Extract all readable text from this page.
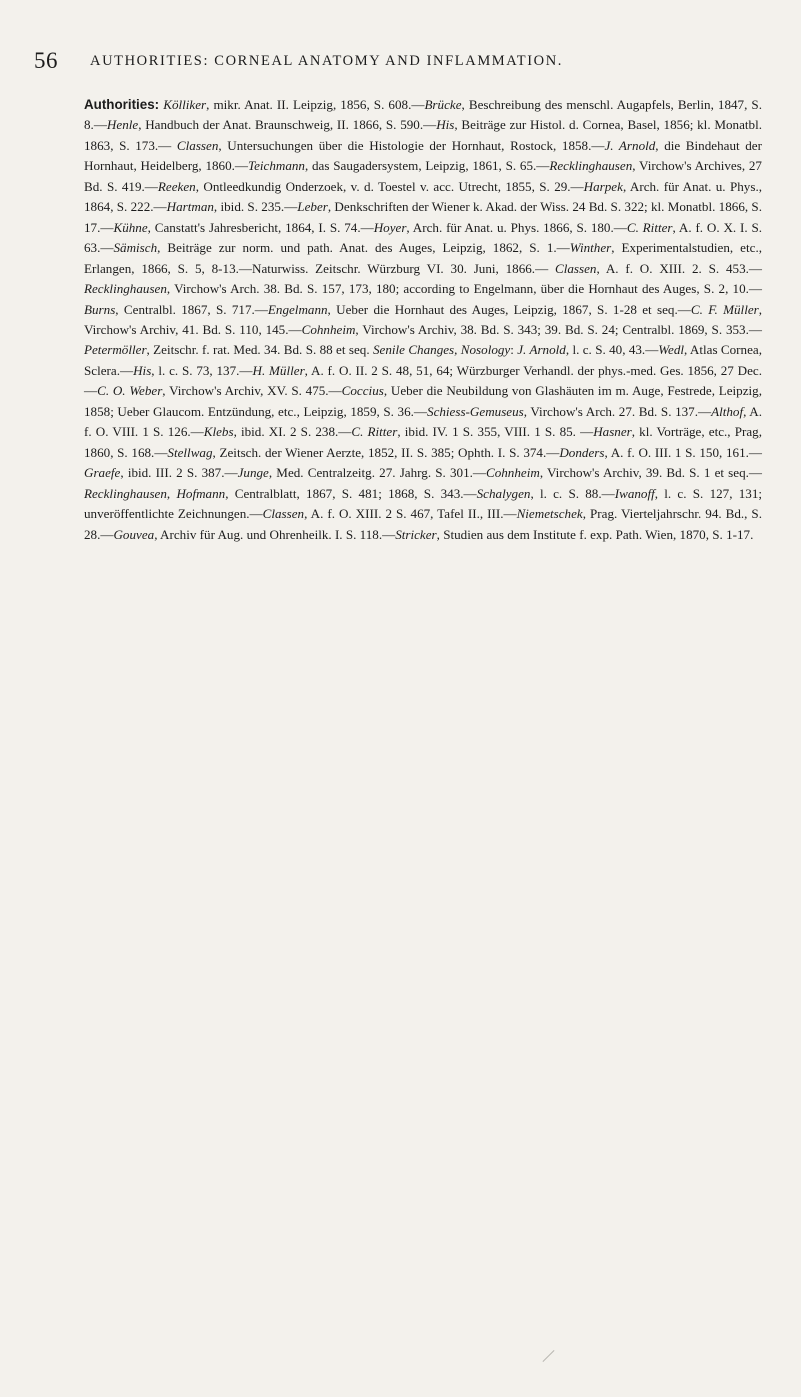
56 AUTHORITIES: CORNEAL ANATOMY AND INFLAMMATION.
Authorities: Kölliker, mikr. Anat. II. Leipzig, 1856, S. 608.—Brücke, Beschreibung des menschl. Augapfels, Berlin, 1847, S. 8.—Henle, Handbuch der Anat. Braunschweig, II. 1866, S. 590.—His, Beiträge zur Histol. d. Cornea, Basel, 1856; kl. Monatbl. 1863, S. 173.— Classen, Untersuchungen über die Histologie der Hornhaut, Rostock, 1858.—J. Arnold, die Bindehaut der Hornhaut, Heidelberg, 1860.—Teichmann, das Saugadersystem, Leipzig, 1861, S. 65.—Recklinghausen, Virchow's Archives, 27 Bd. S. 419.—Reeken, Ontleedkundig Onderzoek, v. d. Toestel v. acc. Utrecht, 1855, S. 29.—Harpek, Arch. für Anat. u. Phys., 1864, S. 222.—Hartman, ibid. S. 235.—Leber, Denkschriften der Wiener k. Akad. der Wiss. 24 Bd. S. 322; kl. Monatbl. 1866, S. 17.—Kühne, Canstatt's Jahresbericht, 1864, I. S. 74.—Hoyer, Arch. für Anat. u. Phys. 1866, S. 180.—C. Ritter, A. f. O. X. I. S. 63.—Sämisch, Beiträge zur norm. und path. Anat. des Auges, Leipzig, 1862, S. 1.—Winther, Experimentalstudien, etc., Erlangen, 1866, S. 5, 8-13.—Naturwiss. Zeitschr. Würzburg VI. 30. Juni, 1866.— Classen, A. f. O. XIII. 2. S. 453.—Recklinghausen, Virchow's Arch. 38. Bd. S. 157, 173, 180; according to Engelmann, über die Hornhaut des Auges, S. 2, 10.—Burns, Centralbl. 1867, S. 717.—Engelmann, Ueber die Hornhaut des Auges, Leipzig, 1867, S. 1-28 et seq.—C. F. Müller, Virchow's Archiv, 41. Bd. S. 110, 145.—Cohnheim, Virchow's Archiv, 38. Bd. S. 343; 39. Bd. S. 24; Centralbl. 1869, S. 353.—Petermöller, Zeitschr. f. rat. Med. 34. Bd. S. 88 et seq. Senile Changes, Nosology: J. Arnold, l. c. S. 40, 43.—Wedl, Atlas Cornea, Sclera.—His, l. c. S. 73, 137.—H. Müller, A. f. O. II. 2 S. 48, 51, 64; Würzburger Verhandl. der phys.-med. Ges. 1856, 27 Dec.—C. O. Weber, Virchow's Archiv, XV. S. 475.—Coccius, Ueber die Neubildung von Glashäuten im m. Auge, Festrede, Leipzig, 1858; Ueber Glaucom. Entzündung, etc., Leipzig, 1859, S. 36.—Schiess-Gemuseus, Virchow's Arch. 27. Bd. S. 137.—Althof, A. f. O. VIII. 1 S. 126.—Klebs, ibid. XI. 2 S. 238.—C. Ritter, ibid. IV. 1 S. 355, VIII. 1 S. 85. —Hasner, kl. Vorträge, etc., Prag, 1860, S. 168.—Stellwag, Zeitsch. der Wiener Aerzte, 1852, II. S. 385; Ophth. I. S. 374.—Donders, A. f. O. III. 1 S. 150, 161.—Graefe, ibid. III. 2 S. 387.—Junge, Med. Centralzeitg. 27. Jahrg. S. 301.—Cohnheim, Virchow's Archiv, 39. Bd. S. 1 et seq.—Recklinghausen, Hofmann, Centralblatt, 1867, S. 481; 1868, S. 343.—Schalygen, l. c. S. 88.—Iwanoff, l. c. S. 127, 131; unveröffentlichte Zeichnungen.—Classen, A. f. O. XIII. 2 S. 467, Tafel II., III.—Niemetschek, Prag. Vierteljahrschr. 94. Bd., S. 28.—Gouvea, Archiv für Aug. und Ohrenheilk. I. S. 118.—Stricker, Studien aus dem Institute f. exp. Path. Wien, 1870, S. 1-17.
